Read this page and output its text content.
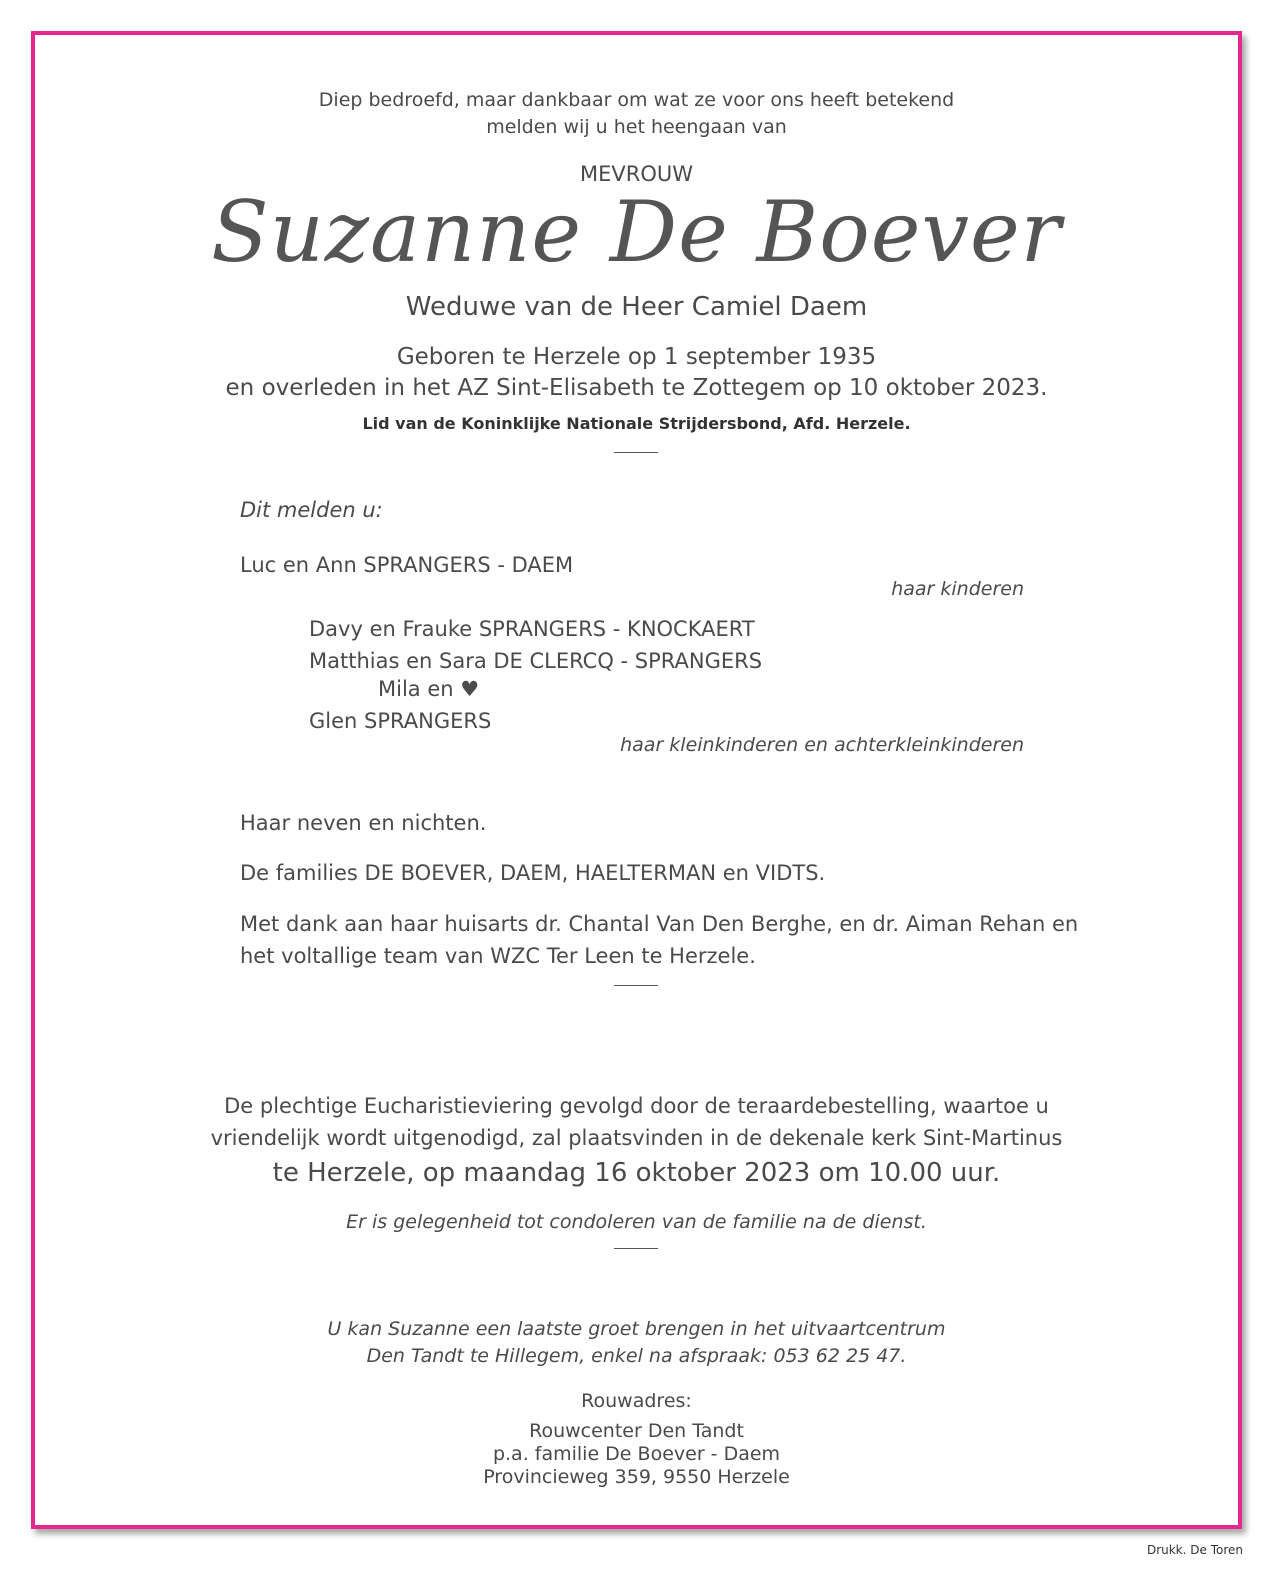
Diep bedroefd, maar dankbaar om wat ze voor ons heeft betekend
melden wij u het heengaan van
MEVROUW
Suzanne De Boever
Weduwe van de Heer Camiel Daem
Geboren te Herzele op 1 september 1935
en overleden in het AZ Sint-Elisabeth te Zottegem op 10 oktober 2023.
Lid van de Koninklijke Nationale Strijdersbond, Afd. Herzele.
Dit melden u:
Luc en Ann SPRANGERS - DAEM
haar kinderen
Davy en Frauke SPRANGERS - KNOCKAERT
Matthias en Sara DE CLERCQ - SPRANGERS
Mila en ♥
Glen SPRANGERS
haar kleinkinderen en achterkleinkinderen
Haar neven en nichten.
De families DE BOEVER, DAEM, HAELTERMAN en VIDTS.
Met dank aan haar huisarts dr. Chantal Van Den Berghe, en dr. Aiman Rehan en
het voltallige team van WZC Ter Leen te Herzele.
De plechtige Eucharistieviering gevolgd door de teraardebestelling, waartoe u
vriendelijk wordt uitgenodigd, zal plaatsvinden in de dekenale kerk Sint-Martinus
te Herzele, op maandag 16 oktober 2023 om 10.00 uur.
Er is gelegenheid tot condoleren van de familie na de dienst.
U kan Suzanne een laatste groet brengen in het uitvaartcentrum
Den Tandt te Hillegem, enkel na afspraak: 053 62 25 47.
Rouwadres:
Rouwcenter Den Tandt
p.a. familie De Boever - Daem
Provincieweg 359, 9550 Herzele
Drukk. De Toren
